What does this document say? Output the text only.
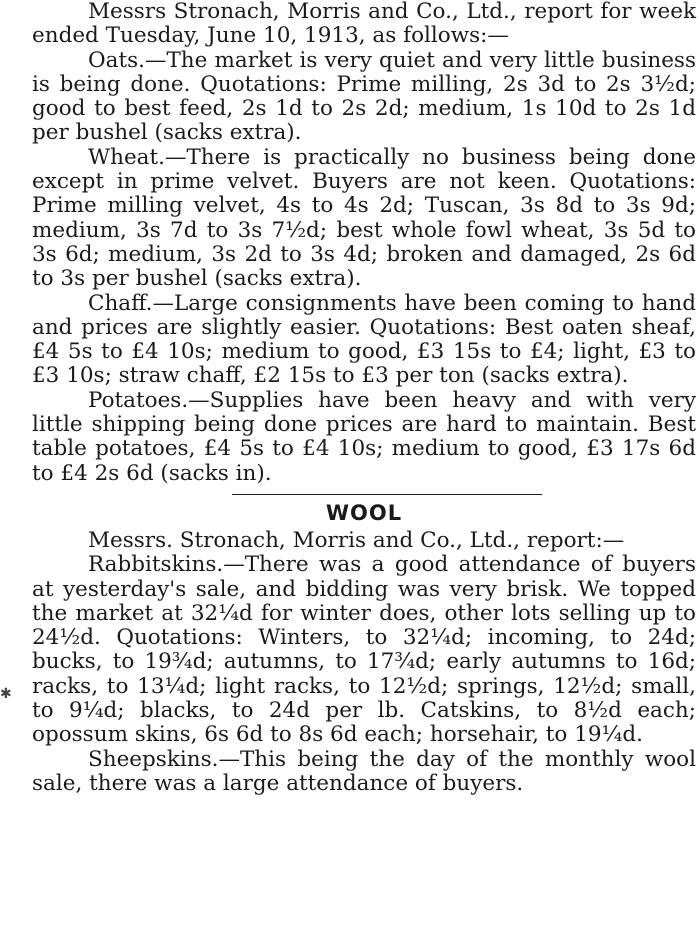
Messrs Stronach, Morris and Co., Ltd., report for week ended Tuesday, June 10, 1913, as follows:—

Oats.—The market is very quiet and very little business is being done. Quotations: Prime milling, 2s 3d to 2s 3½d; good to best feed, 2s 1d to 2s 2d; medium, 1s 10d to 2s 1d per bushel (sacks extra).

Wheat.—There is practically no business being done except in prime velvet. Buyers are not keen. Quotations: Prime milling velvet, 4s to 4s 2d; Tuscan, 3s 8d to 3s 9d; medium, 3s 7d to 3s 7½d; best whole fowl wheat, 3s 5d to 3s 6d; medium, 3s 2d to 3s 4d; broken and damaged, 2s 6d to 3s per bushel (sacks extra).

Chaff.—Large consignments have been coming to hand and prices are slightly easier. Quotations: Best oaten sheaf, £4 5s to £4 10s; medium to good, £3 15s to £4; light, £3 to £3 10s; straw chaff, £2 15s to £3 per ton (sacks extra).

Potatoes.—Supplies have been heavy and with very little shipping being done prices are hard to maintain. Best table potatoes, £4 5s to £4 10s; medium to good, £3 17s 6d to £4 2s 6d (sacks in).

WOOL

Messrs. Stronach, Morris and Co., Ltd., report:—

Rabbitskins.—There was a good attendance of buyers at yesterday's sale, and bidding was very brisk. We topped the market at 32¼d for winter does, other lots selling up to 24½d. Quotations: Winters, to 32¼d; incoming, to 24d; bucks, to 19¾d; autumns, to 17¾d; early autumns to 16d; racks, to 13¼d; light racks, to 12½d; springs, 12½d; small, to 9¼d; blacks, to 24d per lb. Catskins, to 8½d each; opossum skins, 6s 6d to 8s 6d each; horsehair, to 19¼d.

Sheepskins.—This being the day of the monthly wool sale, there was a large attendance of buyers.

✱
